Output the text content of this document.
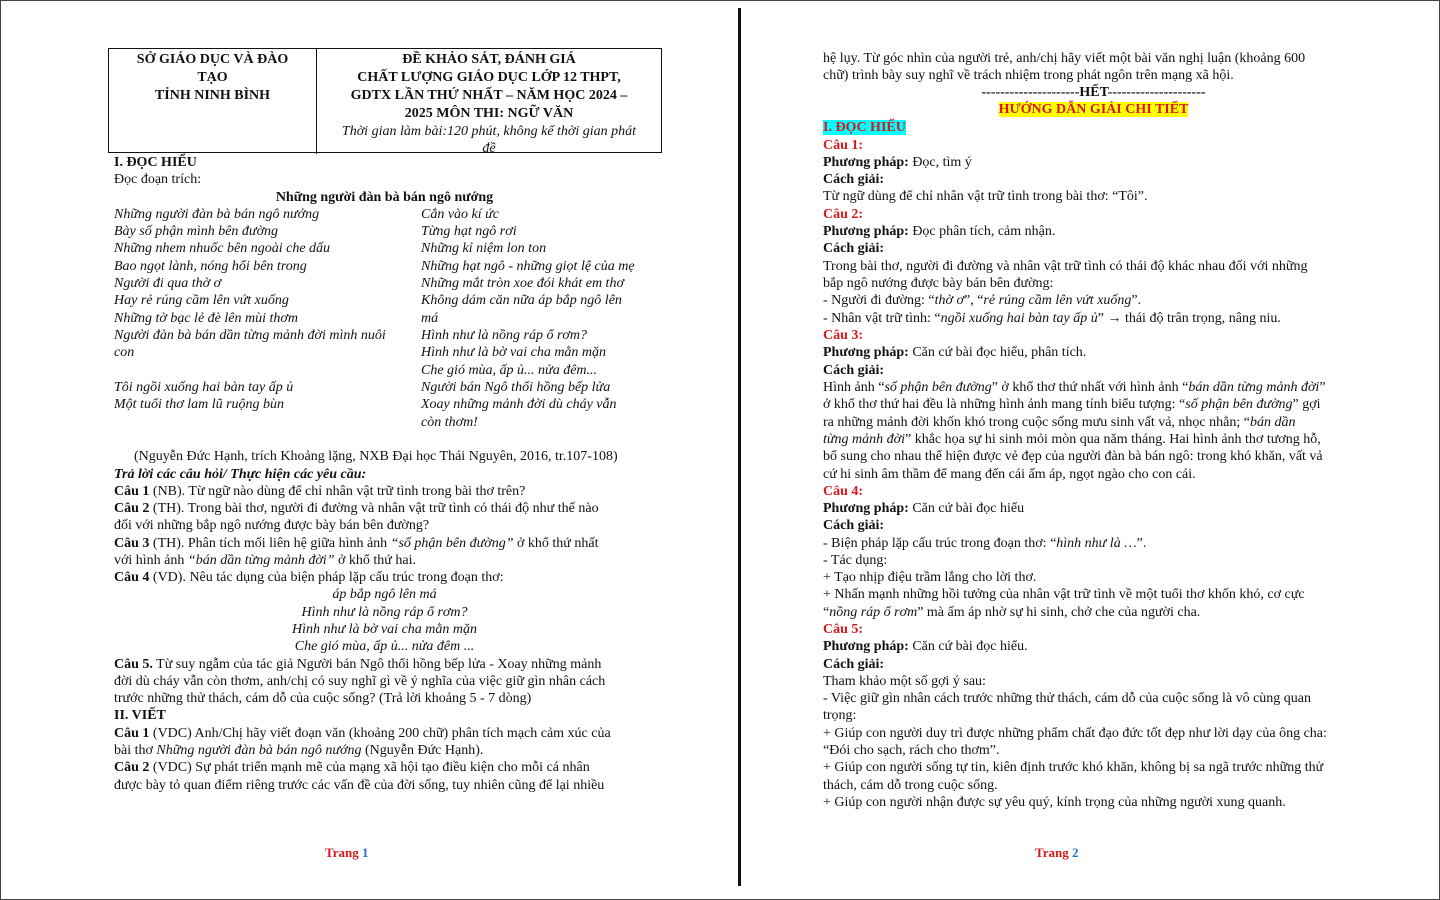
SỞ GIÁO DỤC VÀ ĐÀO
TẠO
TỈNH NINH BÌNH
ĐỀ KHẢO SÁT, ĐÁNH GIÁ
CHẤT LƯỢNG GIÁO DỤC LỚP 12 THPT,
GDTX LẦN THỨ NHẤT – NĂM HỌC 2024 –
2025 MÔN THI: NGỮ VĂN
Thời gian làm bài:120 phút, không kể thời gian phát
đề
I. ĐỌC HIỂU
Đọc đoạn trích:
Những người đàn bà bán ngô nướng
Những người đàn bà bán ngô nướng
Bày số phận mình bên đường
Những nhem nhuốc bên ngoài che dấu
Bao ngọt lành, nóng hổi bên trong
Người đi qua thờ ơ
Hay rẻ rúng cầm lên vứt xuống
Những tờ bạc lẻ đè lên mùi thơm
Người đàn bà bán dần từng mảnh đời mình nuôi
con
Tôi ngồi xuống hai bàn tay ấp ủ
Một tuổi thơ lam lũ ruộng bùn
Cắn vào kí ức
Từng hạt ngô rơi
Những kỉ niệm lon ton
Những hạt ngô - những giọt lệ của mẹ
Những mắt tròn xoe đói khát em thơ
Không dám căn nữa áp bắp ngô lên
má
Hình như là nồng ráp ổ rơm?
Hình như là bờ vai cha mằn mặn
Che gió mùa, ấp ủ... nửa đêm...
Người bán Ngô thổi hồng bếp lửa
Xoay những mảnh đời dù cháy vẫn
còn thơm!
(Nguyễn Đức Hạnh, trích Khoảng lặng, NXB Đại học Thái Nguyên, 2016, tr.107-108)
Trả lời các câu hỏi/ Thực hiện các yêu cầu:
Câu 1 (NB). Từ ngữ nào dùng để chỉ nhân vật trữ tình trong bài thơ trên?
Câu 2 (TH). Trong bài thơ, người đi đường và nhân vật trữ tình có thái độ như thế nào
đối với những bắp ngô nướng được bày bán bên đường?
Câu 3 (TH). Phân tích mối liên hệ giữa hình ảnh “số phận bên đường” ở khổ thứ nhất
với hình ảnh “bán dần từng mảnh đời” ở khổ thứ hai.
Câu 4 (VD). Nêu tác dụng của biện pháp lặp cấu trúc trong đoạn thơ:
áp bắp ngô lên má
Hình như là nồng ráp ổ rơm?
Hình như là bờ vai cha mằn mặn
Che gió mùa, ấp ủ... nửa đêm ...
Câu 5. Từ suy ngẫm của tác giả Người bán Ngô thổi hồng bếp lửa - Xoay những mảnh
đời dù cháy vẫn còn thơm, anh/chị có suy nghĩ gì về ý nghĩa của việc giữ gìn nhân cách
trước những thử thách, cám dỗ của cuộc sống? (Trả lời khoảng 5 - 7 dòng)
II. VIẾT
Câu 1 (VDC) Anh/Chị hãy viết đoạn văn (khoảng 200 chữ) phân tích mạch cảm xúc của
bài thơ Những người đàn bà bán ngô nướng (Nguyễn Đức Hạnh).
Câu 2 (VDC) Sự phát triển mạnh mẽ của mạng xã hội tạo điều kiện cho mỗi cá nhân
được bày tỏ quan điểm riêng trước các vấn đề của đời sống, tuy nhiên cũng để lại nhiều
Trang 1
hệ lụy. Từ góc nhìn của người trẻ, anh/chị hãy viết một bài văn nghị luận (khoảng 600
chữ) trình bày suy nghĩ về trách nhiệm trong phát ngôn trên mạng xã hội.
---------------------HẾT---------------------
HƯỚNG DẪN GIẢI CHI TIẾT
I. ĐỌC HIỂU
Câu 1:
Phương pháp: Đọc, tìm ý
Cách giải:
Từ ngữ dùng để chỉ nhân vật trữ tình trong bài thơ: “Tôi”.
Câu 2:
Phương pháp: Đọc phân tích, cảm nhận.
Cách giải:
Trong bài thơ, người đi đường và nhân vật trữ tình có thái độ khác nhau đối với những
bắp ngô nướng được bày bán bên đường:
- Người đi đường: “thờ ơ”, “rẻ rúng cầm lên vứt xuống”.
- Nhân vật trữ tình: “ngồi xuống hai bàn tay ấp ủ” → thái độ trân trọng, nâng niu.
Câu 3:
Phương pháp: Căn cứ bài đọc hiểu, phân tích.
Cách giải:
Hình ảnh “số phận bên đường” ở khổ thơ thứ nhất với hình ảnh “bán dần từng mảnh đời”
ở khổ thơ thứ hai đều là những hình ảnh mang tính biểu tượng: “số phận bên đường” gợi
ra những mảnh đời khốn khó trong cuộc sống mưu sinh vất vả, nhọc nhằn; “bán dần
từng mảnh đời” khắc họa sự hi sinh mỏi mòn qua năm tháng. Hai hình ảnh thơ tương hỗ,
bổ sung cho nhau thể hiện được vẻ đẹp của người đàn bà bán ngô: trong khó khăn, vất vả
cứ hi sinh âm thầm để mang đến cái ấm áp, ngọt ngào cho con cái.
Câu 4:
Phương pháp: Căn cứ bài đọc hiểu
Cách giải:
- Biện pháp lặp cấu trúc trong đoạn thơ: “hình như là …”.
- Tác dụng:
+ Tạo nhịp điệu trầm lắng cho lời thơ.
+ Nhấn mạnh những hồi tưởng của nhân vật trữ tình về một tuổi thơ khốn khó, cơ cực
“nồng ráp ổ rơm” mà ấm áp nhờ sự hi sinh, chở che của người cha.
Câu 5:
Phương pháp: Căn cứ bài đọc hiểu.
Cách giải:
Tham khảo một số gợi ý sau:
- Việc giữ gìn nhân cách trước những thử thách, cám dỗ của cuộc sống là vô cùng quan
trọng:
+ Giúp con người duy trì được những phẩm chất đạo đức tốt đẹp như lời dạy của ông cha:
“Đói cho sạch, rách cho thơm”.
+ Giúp con người sống tự tin, kiên định trước khó khăn, không bị sa ngã trước những thử
thách, cám dỗ trong cuộc sống.
+ Giúp con người nhận được sự yêu quý, kính trọng của những người xung quanh.
Trang 2
